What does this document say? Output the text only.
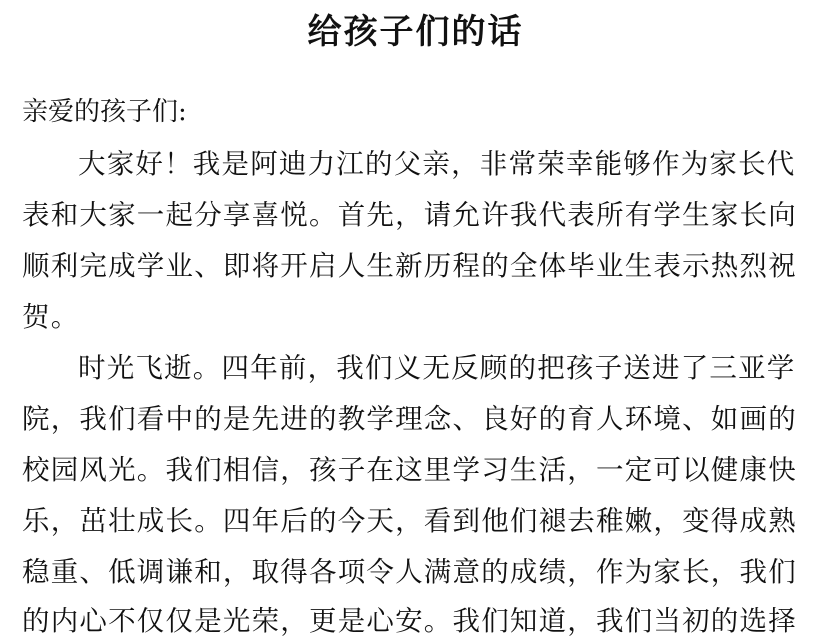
给孩子们的话
亲爱的孩子们:
大家好！我是阿迪力江的父亲，非常荣幸能够作为家长代
表和大家一起分享喜悦。首先，请允许我代表所有学生家长向
顺利完成学业、即将开启人生新历程的全体毕业生表示热烈祝
贺。
时光飞逝。四年前，我们义无反顾的把孩子送进了三亚学
院，我们看中的是先进的教学理念、良好的育人环境、如画的
校园风光。我们相信，孩子在这里学习生活，一定可以健康快
乐，茁壮成长。四年后的今天，看到他们褪去稚嫩，变得成熟
稳重、低调谦和，取得各项令人满意的成绩，作为家长，我们
的内心不仅仅是光荣，更是心安。我们知道，我们当初的选择
